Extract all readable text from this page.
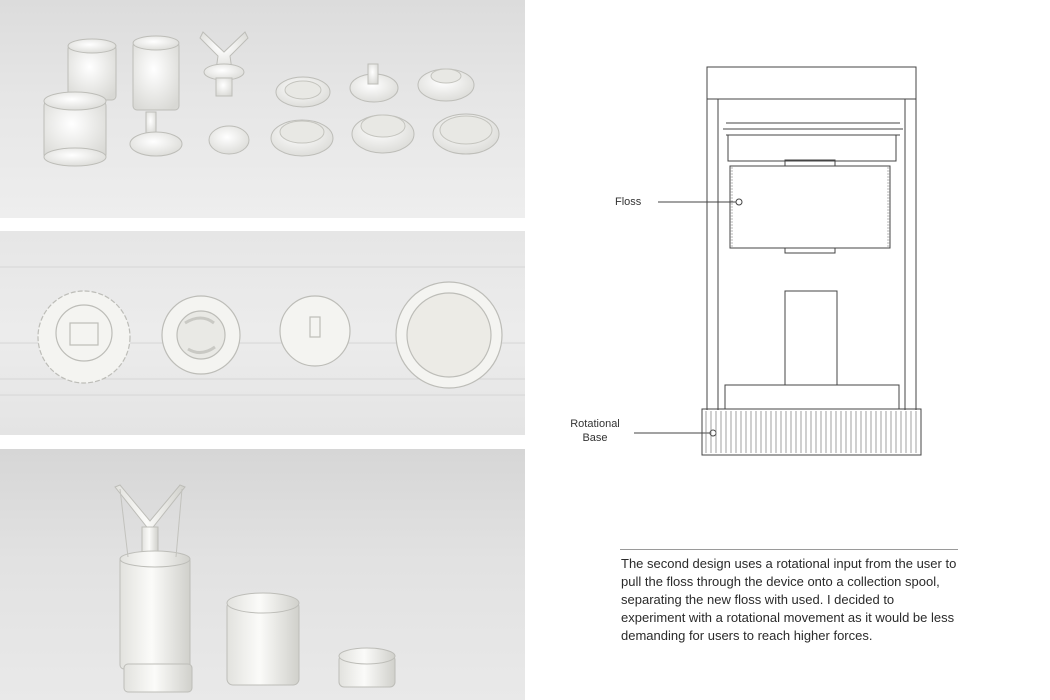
Floss
Rotational Base

The second design uses a rotational input from the user to pull the floss through the device onto a collection spool, separating the new floss with used. I decided to experiment with a rotational movement as it would be less demanding for users to reach higher forces.
